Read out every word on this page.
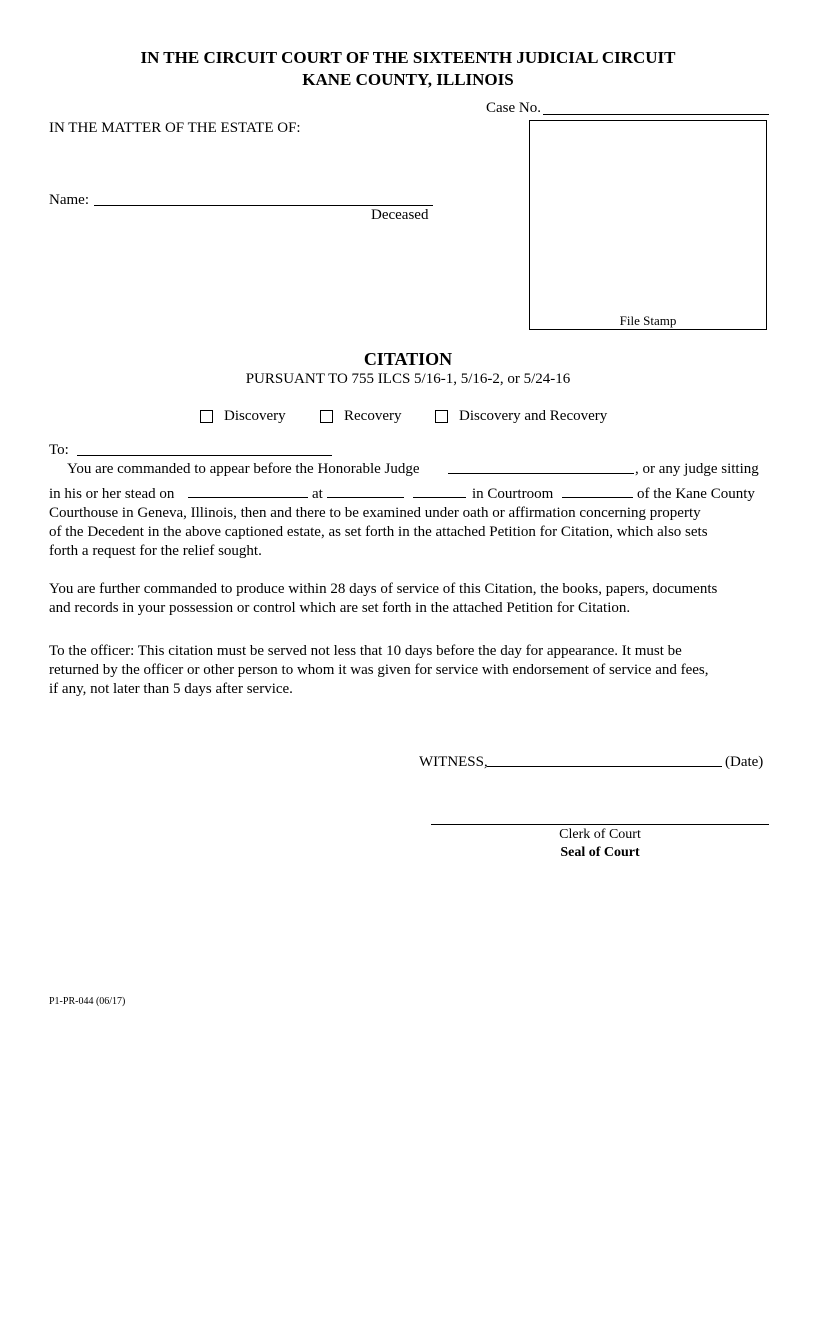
IN THE CIRCUIT COURT OF THE SIXTEENTH JUDICIAL CIRCUIT
KANE COUNTY, ILLINOIS
Case No.
IN THE MATTER OF THE ESTATE OF:
Name:
Deceased
File Stamp
CITATION
PURSUANT TO 755 ILCS 5/16-1, 5/16-2, or 5/24-16
Discovery	Recovery	Discovery and Recovery
To:
You are commanded to appear before the Honorable Judge	, or any judge sitting
in his or her stead on	at	in Courtroom	of the Kane County
Courthouse in Geneva, Illinois, then and there to be examined under oath or affirmation concerning property
of the Decedent in the above captioned estate, as set forth in the attached Petition for Citation, which also sets
forth a request for the relief sought.
You are further commanded to produce within 28 days of service of this Citation, the books, papers, documents
and records in your possession or control which are set forth in the attached Petition for Citation.
To the officer: This citation must be served not less that 10 days before the day for appearance. It must be
returned by the officer or other person to whom it was given for service with endorsement of service and fees,
if any, not later than 5 days after service.
WITNESS,	(Date)
Clerk of Court
Seal of Court
P1-PR-044 (06/17)
